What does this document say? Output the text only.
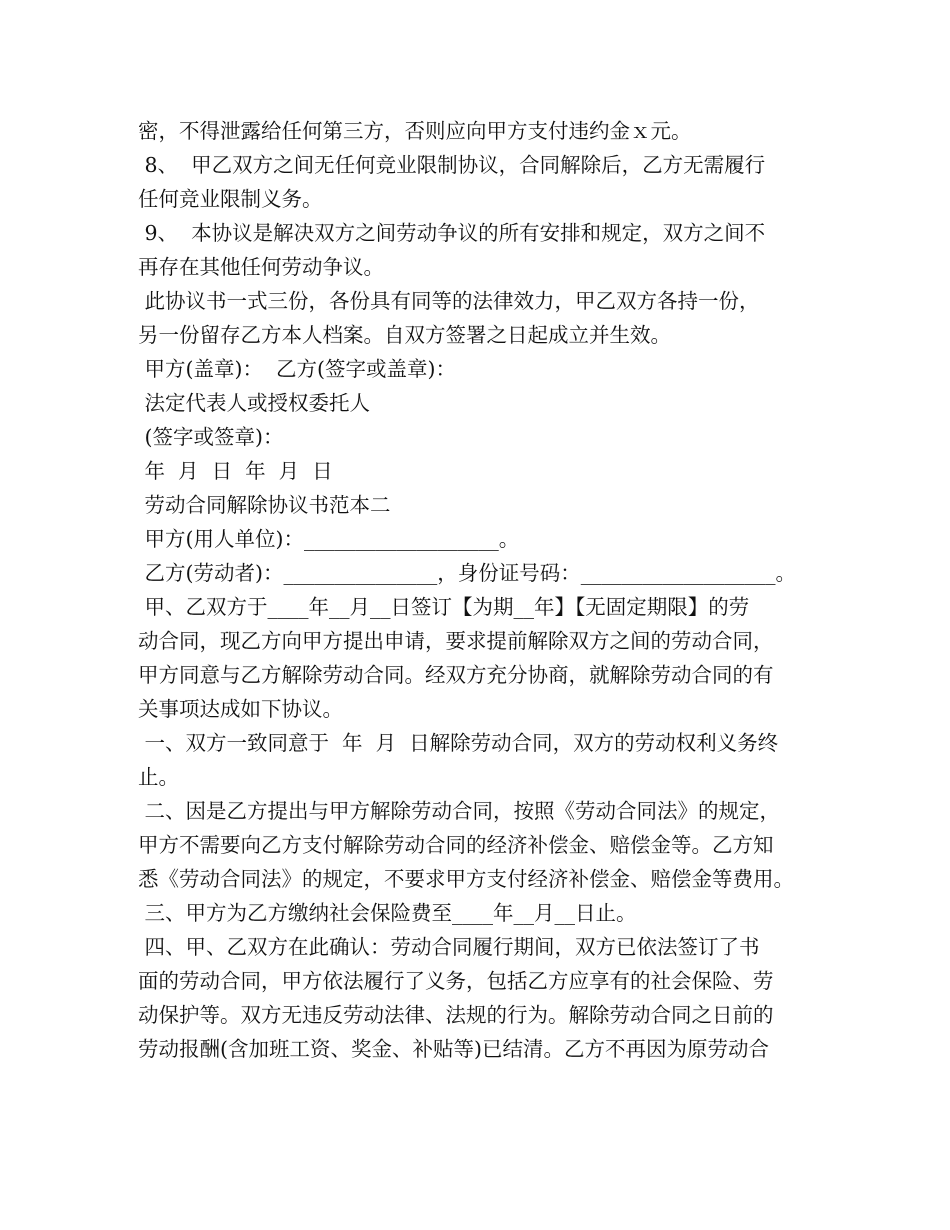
密，不得泄露给任何第三方，否则应向甲方支付违约金ｘ元。
8、  甲乙双方之间无任何竞业限制协议，合同解除后，乙方无需履行
任何竞业限制义务。
9、  本协议是解决双方之间劳动争议的所有安排和规定，双方之间不
再存在其他任何劳动争议。
此协议书一式三份，各份具有同等的法律效力，甲乙双方各持一份，
另一份留存乙方本人档案。自双方签署之日起成立并生效。
甲方(盖章)：  乙方(签字或盖章)：
法定代表人或授权委托人
(签字或签章)：
年  月  日  年  月  日
劳动合同解除协议书范本二
甲方(用人单位)：___________________。
乙方(劳动者)：_______________，身份证号码：___________________。
甲、乙双方于____年__月__日签订【为期__年】【无固定期限】的劳
动合同，现乙方向甲方提出申请，要求提前解除双方之间的劳动合同，
甲方同意与乙方解除劳动合同。经双方充分协商，就解除劳动合同的有
关事项达成如下协议。
一、双方一致同意于  年  月  日解除劳动合同，双方的劳动权利义务终
止。
二、因是乙方提出与甲方解除劳动合同，按照《劳动合同法》的规定，
甲方不需要向乙方支付解除劳动合同的经济补偿金、赔偿金等。乙方知
悉《劳动合同法》的规定，不要求甲方支付经济补偿金、赔偿金等费用。
三、甲方为乙方缴纳社会保险费至____年__月__日止。
四、甲、乙双方在此确认：劳动合同履行期间，双方已依法签订了书
面的劳动合同，甲方依法履行了义务，包括乙方应享有的社会保险、劳
动保护等。双方无违反劳动法律、法规的行为。解除劳动合同之日前的
劳动报酬(含加班工资、奖金、补贴等)已结清。乙方不再因为原劳动合
